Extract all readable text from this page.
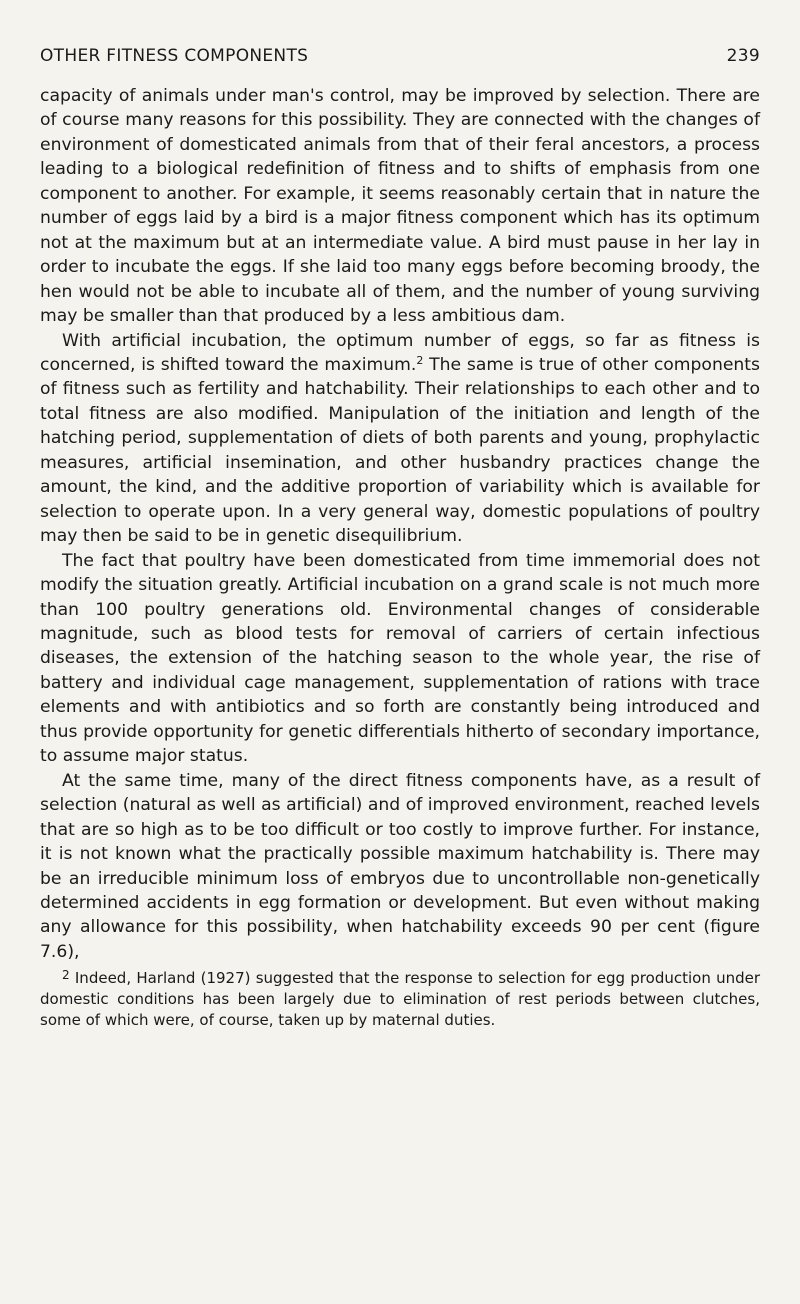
OTHER FITNESS COMPONENTS	239

capacity of animals under man's control, may be improved by selection. There are of course many reasons for this possibility. They are connected with the changes of environment of domesticated animals from that of their feral ancestors, a process leading to a biological redefinition of fitness and to shifts of emphasis from one component to another. For example, it seems reasonably certain that in nature the number of eggs laid by a bird is a major fitness component which has its optimum not at the maximum but at an intermediate value. A bird must pause in her lay in order to incubate the eggs. If she laid too many eggs before becoming broody, the hen would not be able to incubate all of them, and the number of young surviving may be smaller than that produced by a less ambitious dam.

With artificial incubation, the optimum number of eggs, so far as fitness is concerned, is shifted toward the maximum.$^2$ The same is true of other components of fitness such as fertility and hatchability. Their relationships to each other and to total fitness are also modified. Manipulation of the initiation and length of the hatching period, supplementation of diets of both parents and young, prophylactic measures, artificial insemination, and other husbandry practices change the amount, the kind, and the additive proportion of variability which is available for selection to operate upon. In a very general way, domestic populations of poultry may then be said to be in genetic disequilibrium.

The fact that poultry have been domesticated from time immemorial does not modify the situation greatly. Artificial incubation on a grand scale is not much more than 100 poultry generations old. Environmental changes of considerable magnitude, such as blood tests for removal of carriers of certain infectious diseases, the extension of the hatching season to the whole year, the rise of battery and individual cage management, supplementation of rations with trace elements and with antibiotics and so forth are constantly being introduced and thus provide opportunity for genetic differentials hitherto of secondary importance, to assume major status.

At the same time, many of the direct fitness components have, as a result of selection (natural as well as artificial) and of improved environment, reached levels that are so high as to be too difficult or too costly to improve further. For instance, it is not known what the practically possible maximum hatchability is. There may be an irreducible minimum loss of embryos due to uncontrollable non-genetically determined accidents in egg formation or development. But even without making any allowance for this possibility, when hatchability exceeds 90 per cent (figure 7.6),

$^2$ Indeed, Harland (1927) suggested that the response to selection for egg production under domestic conditions has been largely due to elimination of rest periods between clutches, some of which were, of course, taken up by maternal duties.
